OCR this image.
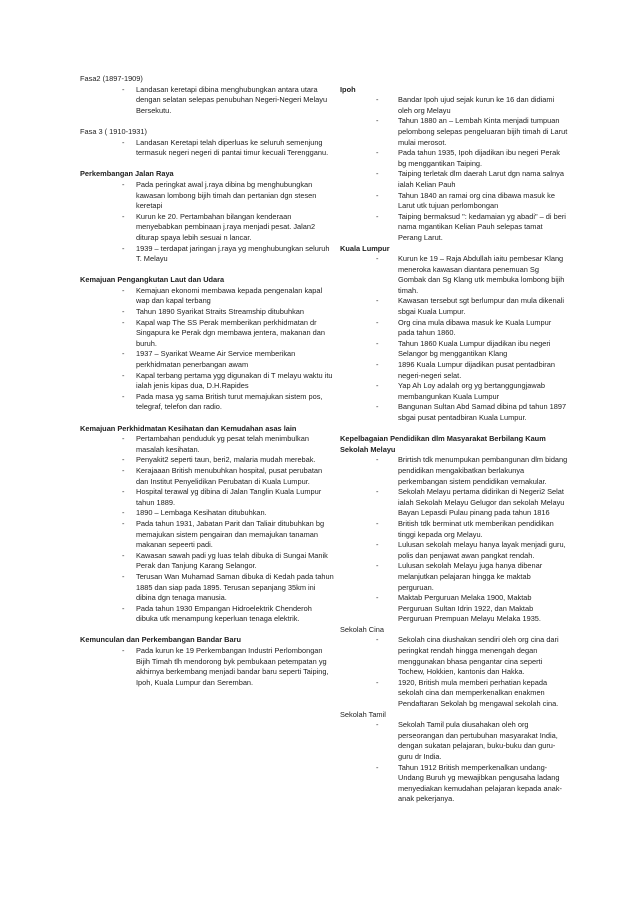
Fasa2 (1897-1909)

- Landasan keretapi dibina menghubungkan antara utara dengan selatan selepas penubuhan Negeri-Negeri Melayu Bersekutu.

Fasa 3 ( 1910-1931)

- Landasan Keretapi telah diperluas ke seluruh semenjung termasuk negeri negeri di pantai timur kecuali Terengganu.

Perkembangan Jalan Raya

- Pada peringkat awal j.raya dibina bg menghubungkan kawasan lombong bijih timah dan pertanian dgn stesen keretapi
- Kurun ke 20. Pertambahan bilangan kenderaan menyebabkan pembinaan j.raya menjadi pesat. Jalan2 diturap spaya lebih sesuai n lancar.
- 1939 – terdapat jaringan j.raya yg menghubungkan seluruh T. Melayu

Kemajuan Pengangkutan Laut dan Udara

- Kemajuan ekonomi membawa kepada pengenalan kapal wap dan kapal terbang
- Tahun 1890 Syarikat Straits Streamship ditubuhkan
- Kapal wap The SS Perak memberikan perkhidmatan dr Singapura ke Perak dgn membawa jentera, makanan dan buruh.
- 1937 – Syarikat Wearne Air Service memberikan perkhidmatan penerbangan awam
- Kapal terbang pertama ygg digunakan di T melayu waktu itu ialah jenis kipas dua, D.H.Rapides
- Pada masa yg sama British turut memajukan sistem pos, telegraf, telefon dan radio.

Kemajuan Perkhidmatan Kesihatan dan Kemudahan asas lain

- Pertambahan penduduk yg pesat telah menimbulkan masalah kesihatan.
- Penyakit2 seperti taun, beri2, malaria mudah merebak.
- Kerajaaan British menubuhkan hospital, pusat perubatan dan Institut Penyelidikan Perubatan di Kuala Lumpur.
- Hospital terawal yg dibina di Jalan Tanglin Kuala Lumpur tahun 1889.
- 1890 – Lembaga Kesihatan ditubuhkan.
- Pada tahun 1931, Jabatan Parit dan Taliair ditubuhkan bg memajukan sistem pengairan dan memajukan tanaman makanan sepeerti padi.
- Kawasan sawah padi yg luas telah dibuka di Sungai Manik Perak dan Tanjung Karang Selangor.
- Terusan Wan Muhamad Saman dibuka di Kedah pada tahun 1885 dan siap pada 1895. Terusan sepanjang 35km ini dibina dgn tenaga manusia.
- Pada tahun 1930 Empangan Hidroelektrik Chenderoh dibuka utk menampung keperluan tenaga elektrik.

Kemunculan dan Perkembangan Bandar Baru

- Pada kurun ke 19 Perkembangan Industri Perlombongan Bijih Timah tlh mendorong byk pembukaan petempatan yg akhirnya berkembang menjadi bandar baru seperti Taiping, Ipoh, Kuala Lumpur dan Seremban.

Ipoh

-	Bandar Ipoh ujud sejak kurun ke 16 dan didiami oleh org Melayu
-	Tahun 1880 an – Lembah Kinta menjadi tumpuan pelombong selepas pengeluaran bijih timah di Larut mulai merosot.
-	Pada tahun 1935, Ipoh dijadikan ibu negeri Perak bg menggantikan Taiping.
-	Taiping terletak dlm daerah Larut dgn nama salnya ialah Kelian Pauh
-	Tahun 1840 an ramai org cina dibawa masuk ke Larut utk tujuan perlombongan
-	Taiping bermaksud ": kedamaian yg abadi" – di beri nama mgantikan Kelian Pauh selepas tamat Perang Larut.

Kuala Lumpur

-	Kurun ke 19 – Raja Abdullah iaitu pembesar Klang meneroka kawasan diantara penemuan Sg Gombak dan Sg Klang utk membuka lombong bijih timah.
-	Kawasan tersebut sgt berlumpur dan mula dikenali sbgai Kuala Lumpur.
-	Org cina mula dibawa masuk ke Kuala Lumpur pada tahun 1860.
-	Tahun 1860 Kuala Lumpur dijadikan ibu negeri Selangor bg menggantikan Klang
-	1896 Kuala Lumpur dijadikan pusat pentadbiran negeri-negeri selat.
-	Yap Ah Loy adalah org yg bertanggungjawab membangunkan Kuala Lumpur
-	Bangunan Sultan Abd Samad dibina pd tahun 1897 sbgai pusat pentadbiran Kuala Lumpur.

Kepelbagaian Pendidikan dlm Masyarakat Berbilang Kaum

Sekolah Melayu

-	Brirtish tdk menumpukan pembangunan dlm bidang pendidikan mengakibatkan berlakunya perkembangan sistem pendidikan vernakular.
-	Sekolah Melayu pertama didirikan di Negeri2 Selat ialah Sekolah Melayu Gelugor dan sekolah Melayu Bayan Lepasdi Pulau pinang pada tahun 1816
-	British tdk berminat utk memberikan pendidikan tinggi kepada org Melayu.
-	Lulusan sekolah melayu hanya layak menjadi guru, polis dan penjawat awan pangkat rendah.
-	Lulusan sekolah Melayu juga hanya dibenar melanjutkan pelajaran hingga ke maktab perguruan.
-	Maktab Perguruan Melaka 1900, Maktab Perguruan Sultan Idrin 1922, dan Maktab Perguruan Prempuan Melayu Melaka 1935.

Sekolah Cina

-	Sekolah cina diushakan sendiri oleh org cina dari peringkat rendah hingga menengah degan menggunakan bhasa pengantar cina seperti Tochew, Hokkien, kantonis dan Hakka.
-	1920, British mula memberi perhatian kepada sekolah cina dan memperkenalkan enakmen Pendaftaran Sekolah bg mengawal sekolah cina.

Sekolah Tamil

-	Sekolah Tamil pula diusahakan oleh org perseorangan dan pertubuhan masyarakat India, dengan sukatan pelajaran, buku-buku dan guru-guru dr India.
-	Tahun 1912 British memperkenalkan undang-Undang Buruh yg mewajibkan pengusaha ladang menyediakan kemudahan pelajaran kepada anak-anak pekerjanya.
